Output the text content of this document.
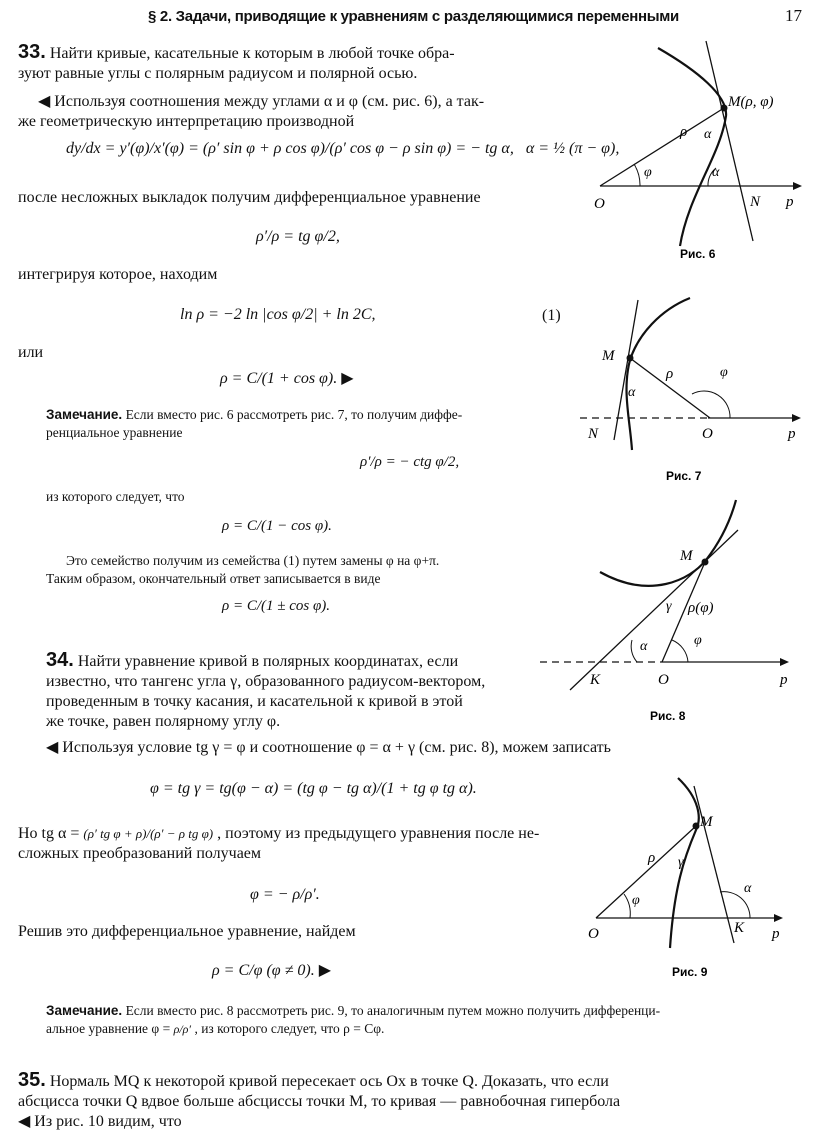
§ 2. Задачи, приводящие к уравнениям с разделяющимися переменными	17
33. Найти кривые, касательные к которым в любой точке обра-
зуют равные углы с полярным радиусом и полярной осью.
◀ Используя соотношения между углами α и φ (см. рис. 6), а так-
же геометрическую интерпретацию производной
dy/dx = y′(φ)/x′(φ) = (ρ′ sin φ + ρ cos φ)/(ρ′ cos φ − ρ sin φ) = − tg α, α = ½ (π − φ),
после несложных выкладок получим дифференциальное уравнение
ρ′/ρ = tg φ/2,
интегрируя которое, находим
ln ρ = −2 ln |cos φ/2| + ln 2C,	(1)
или
ρ = C/(1 + cos φ). ▶
Замечание. Если вместо рис. 6 рассмотреть рис. 7, то получим диффе-
ренциальное уравнение
ρ′/ρ = − ctg φ/2,
из которого следует, что
ρ = C/(1 − cos φ).
Это семейство получим из семейства (1) путем замены φ на φ+π.
Таким образом, окончательный ответ записывается в виде
ρ = C/(1 ± cos φ).
34. Найти уравнение кривой в полярных координатах, если
известно, что тангенс угла γ, образованного радиусом-вектором,
проведенным в точку касания, и касательной к кривой в этой
же точке, равен полярному углу φ.
◀ Используя условие tg γ = φ и соотношение φ = α + γ (см. рис. 8), можем записать
φ = tg γ = tg(φ − α) = (tg φ − tg α)/(1 + tg φ tg α).
Но tg α = (ρ′ tg φ + ρ)/(ρ′ − ρ tg φ) , поэтому из предыдущего уравнения после не-
сложных преобразований получаем
φ = − ρ/ρ′.
Решив это дифференциальное уравнение, найдем
ρ = C/φ (φ ≠ 0). ▶
Замечание. Если вместо рис. 8 рассмотреть рис. 9, то аналогичным путем можно получить дифференци-
альное уравнение φ = ρ/ρ′ , из которого следует, что ρ = Cφ.
35. Нормаль MQ к некоторой кривой пересекает ось Ox в точке Q. Доказать, что если
абсцисса точки Q вдвое больше абсциссы точки M, то кривая — равнобочная гипербола
◀ Из рис. 10 видим, что
M(ρ, φ)
ρ α
α
φ
O	N p
Рис. 6
M
ρ	φ
α
N	O	p
Рис. 7
M
γ ρ(φ)
φ
α
K	O	p
Рис. 8
M
ρ γ
φ
α
O	K p
Рис. 9
